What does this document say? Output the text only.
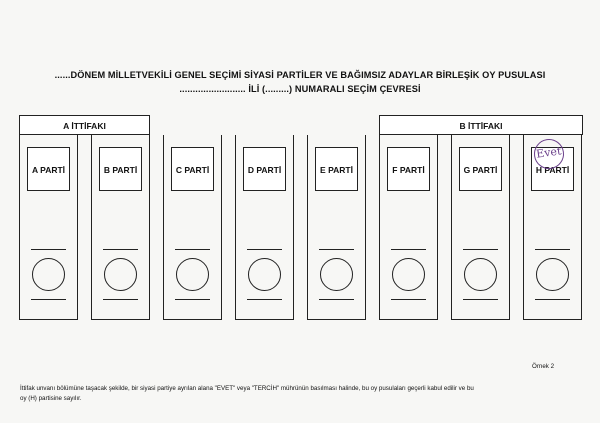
......DÖNEM MİLLETVEKİLİ GENEL SEÇİMİ SİYASİ PARTİLER VE BAĞIMSIZ ADAYLAR BİRLEŞİK OY PUSULASI
......................... İLİ (.........) NUMARALI SEÇİM ÇEVRESİ
A İTTİFAKI	B İTTİFAKI
A PARTİ	B PARTİ	C PARTİ	D PARTİ	E PARTİ	F PARTİ	G PARTİ	H PARTİ
Evet
Örnek 2
İttifak unvanı bölümüne taşacak şekilde, bir siyasi partiye ayrılan alana "EVET" veya "TERCİH" mührünün basılması halinde, bu oy pusulaları geçerli kabul edilir ve bu
oy (H) partisine sayılır.
